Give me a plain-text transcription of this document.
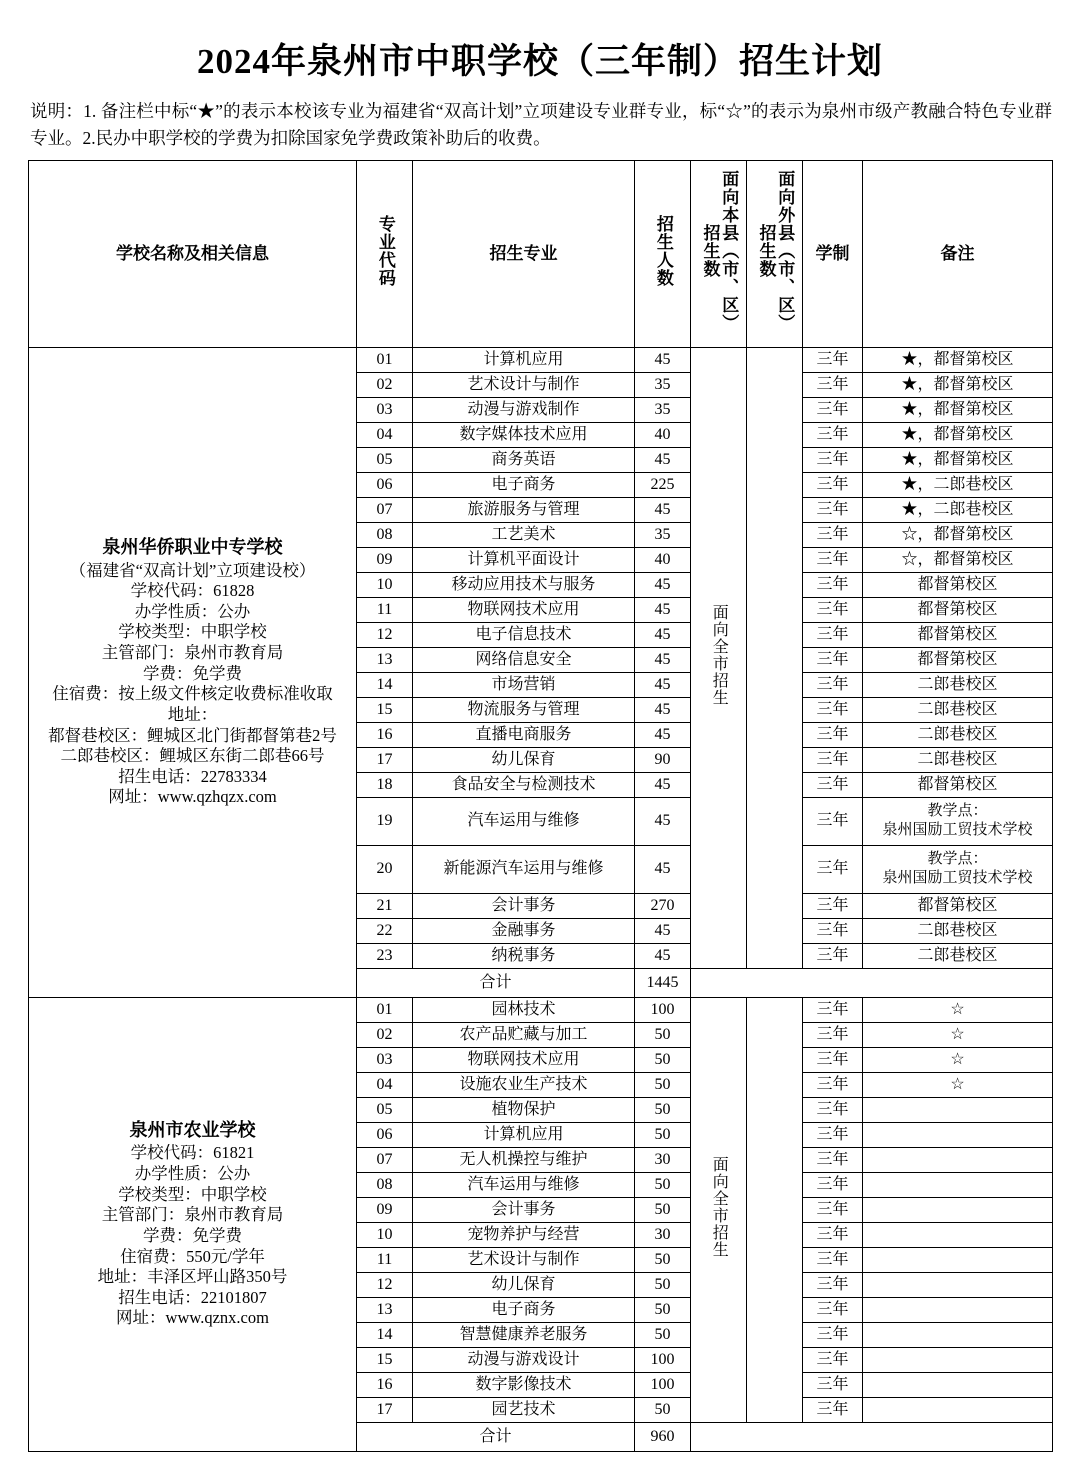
2024年泉州市中职学校（三年制）招生计划
说明：1. 备注栏中标“★”的表示本校该专业为福建省“双高计划”立项建设专业群专业，标“☆”的表示为泉州市级产教融合特色专业群专业。2.民办中职学校的学费为扣除国家免学费政策补助后的收费。
学校名称及相关信息	专业代码	招生专业	招生人数	面向本县（市、区）招生数	面向外县（市、区）招生数	学制	备注

泉州华侨职业中专学校
（福建省“双高计划”立项建设校）
学校代码：61828
办学性质：公办
学校类型：中职学校
主管部门：泉州市教育局
学费：免学费
住宿费：按上级文件核定收费标准收取
地址：
都督巷校区：鲤城区北门街都督第巷2号
二郎巷校区：鲤城区东街二郎巷66号
招生电话：22783334
网址：www.qzhqzx.com
	01	计算机应用	45	面向全市招生		三年	★，都督第校区
	02	艺术设计与制作	35			三年	★，都督第校区
	03	动漫与游戏制作	35			三年	★，都督第校区
	04	数字媒体技术应用	40			三年	★，都督第校区
	05	商务英语	45			三年	★，都督第校区
	06	电子商务	225			三年	★，二郎巷校区
	07	旅游服务与管理	45			三年	★，二郎巷校区
	08	工艺美术	35			三年	☆，都督第校区
	09	计算机平面设计	40			三年	☆，都督第校区
	10	移动应用技术与服务	45			三年	都督第校区
	11	物联网技术应用	45			三年	都督第校区
	12	电子信息技术	45			三年	都督第校区
	13	网络信息安全	45			三年	都督第校区
	14	市场营销	45			三年	二郎巷校区
	15	物流服务与管理	45			三年	二郎巷校区
	16	直播电商服务	45			三年	二郎巷校区
	17	幼儿保育	90			三年	二郎巷校区
	18	食品安全与检测技术	45			三年	都督第校区
	19	汽车运用与维修	45			三年	教学点：
泉州国励工贸技术学校
	20	新能源汽车运用与维修	45			三年	教学点：
泉州国励工贸技术学校
	21	会计事务	270			三年	都督第校区
	22	金融事务	45			三年	二郎巷校区
	23	纳税事务	45			三年	二郎巷校区
	合计		1445				

泉州市农业学校
学校代码：61821
办学性质：公办
学校类型：中职学校
主管部门：泉州市教育局
学费：免学费
住宿费：550元/学年
地址：丰泽区坪山路350号
招生电话：22101807
网址：www.qznx.com
	01	园林技术	100	面向全市招生		三年	☆
	02	农产品贮藏与加工	50			三年	☆
	03	物联网技术应用	50			三年	☆
	04	设施农业生产技术	50			三年	☆
	05	植物保护	50			三年	
	06	计算机应用	50			三年	
	07	无人机操控与维护	30			三年	
	08	汽车运用与维修	50			三年	
	09	会计事务	50			三年	
	10	宠物养护与经营	30			三年	
	11	艺术设计与制作	50			三年	
	12	幼儿保育	50			三年	
	13	电子商务	50			三年	
	14	智慧健康养老服务	50			三年	
	15	动漫与游戏设计	100			三年	
	16	数字影像技术	100			三年	
	17	园艺技术	50			三年	
	合计		960				
